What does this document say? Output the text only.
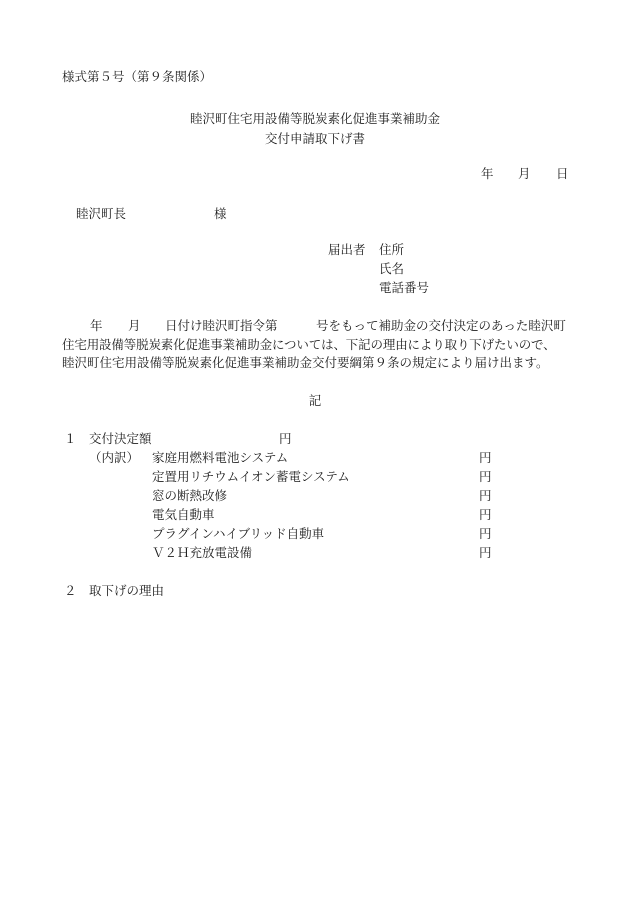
様式第５号（第９条関係）
睦沢町住宅用設備等脱炭素化促進事業補助金
交付申請取下げ書
年 月 日
睦沢町長	様
届出者 住所
氏名
電話番号
年 月 日付け睦沢町指令第	号をもって補助金の交付決定のあった睦沢町
住宅用設備等脱炭素化促進事業補助金については、下記の理由により取り下げたいので、
睦沢町住宅用設備等脱炭素化促進事業補助金交付要綱第９条の規定により届け出ます。
記
１ 交付決定額	円
（内訳） 家庭用燃料電池システム	円
定置用リチウムイオン蓄電システム	円
窓の断熱改修	円
電気自動車	円
プラグインハイブリッド自動車	円
Ｖ２Ｈ充放電設備	円
２ 取下げの理由
